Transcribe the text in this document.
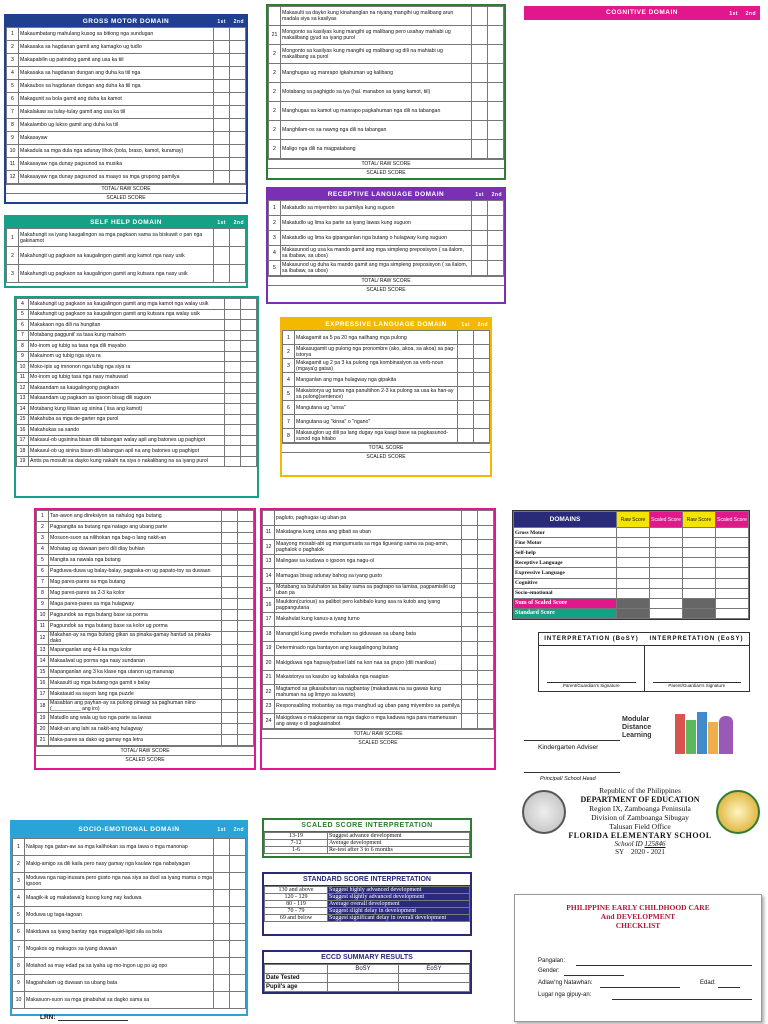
GROSS MOTOR DOMAIN	1st 2nd
1	Makaumbatang mahulang kusog sa bitiong nga sundugan		
2	Makasaka sa hagdanan gamit ang kamagko ug tudlo		
3	Makapabilin ug patindog gamit ang usa ka tiil		
4	Makasaka sa hagdanan dungan ang duha ka tiil nga		
5	Makaubos sa hagdanan dungan ang duha ka tiil nga		
6	Makagunit sa bola gamit ang duha ka kamot		
7	Makalakaw sa tulay-tulay gamit ang usa ka tiil		
8	Makalambo ug lukso gamit ang duha ka tiil		
9	Makasayaw		
10	Makadula sa mga dula nga adunay lihok (bola, braso, kamot, kuramay)		
11	Makasayaw nga dunay pagsunod sa musika		
12	Makasayaw nga dunay pagsunod sa maayo sa mga grupong pamilya		
TOTAL/ RAW SCORE
SCALED SCORE
SELF HELP DOMAIN	1st 2nd
1	Makahungit sa iyang kaugalingon sa mga pagkaon sama sa biskuwit o pan nga gakinamot		
2	Makahungit ug pagkaon sa kaugalingon gamit ang kamot nga nasy usik		
3	Makahungit ug pagkaon sa kaugalingon gamit ang kutsara nga nasy usik		
4	Makahungit ug pagkaon sa kaugalingon gamit ang mga kamot nga walay usik		
5	Makahungit ug pagkaon sa kaugalingon gamit ang kutsara nga walay usik		
6	Makakaon nga dili na hungitan		
7	Motabang pagguniť sa tasa kung mainom		
8	Mo-inom ug tubig sa tasa nga dili mayabo		
9	Makainom ug tubig nga siya ra		
10	Moko-ipis ug imnonon nga tubig nga siya ra		
11	Mo-inom ug tubig tasa nga nasy mahuwad		
12	Makaandam sa kaugalingong pagkaon		
13	Makaandam ug pagkaon sa igsoon bisag dili suguon		
14	Motabang kung iliisan ug sinina ( iisa ang kamot)		
15	Makahuba sa mga de-garter nga purol		
16	Makahukas sa sando		
17	Makasul-ob ugsinina bisan dili tabangan walay apil ang batones ug paghigot		
18	Makasul-ob ug sinina bisan dili tabangan apil na ang batones ug paghigot		
19	Antis pa mosulti sa dayko kung nakahi na siya o nakalibang na sa iyang purol		
	Makasulti sa dayko kung kinahanglan na niyang mangihi ug malibang arun madala siya sa kasilyas		
21	Mongonto sa kasilyas kung mangihi ug malibang pero usahay mahiabi ug makalibang gyud sa iyang purol		
2	Mongonto sa kasilyas kung mangihi ug malibang ug dili na mahiabi ug makalibang sa purol		
2	Manghugas ug manrapo igkahuman ug kalibang		
2	Motabang sa paghigdo sa iya (hal. manabon sa iyang kamot, tiil)		
2	Manghugas sa kamot ug manrapo pagkahuman nga dili na tabangan		
2	Manghilam-os sa nawng nga dili na tabangan		
2	Maligo nga dili na magpatabang		
TOTAL/ RAW SCORE
SCALED SCORE
RECEPTIVE LANGUAGE DOMAIN	1st 2nd
1	Makatudlo sa miyembro sa pamilya kung suguon		
2	Makatudlo ug lima ka parte sa iyang lawas kung suguon		
3	Makatudlo ug lima ka gipanganlan nga butang o hulagway kung suguon		
4	Makasunod ug usa ka mando gamit ang mga simpleng preposisyon ( sa ilalom, sa ibabaw, sa ubos)		
5	Makasunod ug duha ka mando gamit ang mga simpleng preposisyon ( sa ilalom, sa ibabaw, sa ubos)		
TOTAL/ RAW SCORE
SCALED SCORE
COGNITIVE DOMAIN	1st 2nd
EXPRESSIVE LANGUAGE DOMAIN	1st 2nd
1	Makagamit sa 5 pa 20 nga nailhang mga pulong		
2	Makasugamit ug pulong nga pronombre (ako, akoa, sa akoa) sa pag-istorya		
3	Makagamit ug 2 pa 3 ka pulong nga kombinasiyon sa verb-noun (mgaya'g gatas)		
4	Manganlan ang mga hulagway nga gipakita		
5	Makaistorya ug tama nga panultihon 2-3 ka pulong sa usa ka han-ay sa pulong(sentence)		
6	Mangutana ug "unsa"		
7	Mangutana ug "kinsa" o "ngano"		
8	Makasuglon ug dili pa lang dugay nga kaagi base sa pagkasunod-sunod nga hitabo		
TOTAL SCORE
SCALED SCORE
1	Tan-awon ang direksiyon sa nahulog nga butang		
2	Pagpangita sa butang nga natago ang ubang parte		
3	Mosuon-suon sa nilihokan nga bag-o lang nakit-an		
4	Mohatag ug duwaan pero dili diay buhian		
5	Mangita sa nawala nga butang		
6	Pagduwa-duwa ug balay-balay, pagpaka-on ug papato-toy sa duwaan		
7	Mag pares-pares sa mga butang		
8	Mag pares-pares sa 2-3 ka kolor		
9	Maga pares-pares sa mga hulagway		
10	Pagpundok sa mga butang base sa porma		
11	Pagpundok sa mga butang base sa kolor ug porma		
12	Makahan-ay sa mga butang gikan sa pinaka-gamay hantud sa pinaka-dako		
13	Mapanganlan ang 4-6 ka mga kolor		
14	Makaalwat ug porma nga nasy sundanan		
15	Mapanganlan ang 3 ka klase nga utanon ug manunap		
16	Makasulti ug mga butang nga gamit s balay		
17	Makatauid sa sayon lang nga puzzle		
18	Masabtan ang payhan-ay sa pulong pinasgi sa paghuman niino (__________ ang iro)		
19	Matudlo ang wala ug tuo nga parte sa lawas		
20	Makit-an ang lahi sa nakit-ang hulagway		
21	Maka-pares sa dako ug gamay nga letra		
TOTAL/ RAW SCORE
SCALED SCORE
	pagluto, paghugas ug uban pa		
11	Makatagna kung unsa ang gibati sa uban		
12	Maayong mosabi-abi ug mangumusta sa mga tigueang sama sa pag-amin, paghalok o paghalok		
13	Malingaw sa kaduwa o igsoon nga nagu-ol		
14	Mamugas bisag adunay bahog sa iyang gusto		
15	Motabang sa buluhaton sa balay sama sa pagtrapo sa lamisa, pagpamisikt ug uban pa		
16	Maukiton(curious) sa palibot pero kahibalo kung asa ra kutob ang iyang pagpangutana		
17	Makahulat kung kanus-a iyang turno		
18	Manangid kung pwede mohulam sa giduwaan sa ubang bata		
19	Determinado nga bantayon ang kaugalingong butang		
20	Makigduwa nga hapsay/patsel labi na kon naa sa grupo (dili manikas)		
21	Makaistorya sa kasubo ug kabalaka nga naagian		
22	Magtamod sa gikasabutan sa nagbantay (makaduwa na sa gawas kung mahuman na ug limpyo sa kwarto)		
23	Responsabling mobantay sa mga manghud ug uban pang miyembro sa pamilya		
24	Makigduwa o makaoperar sa mga dagko o mga kaduwa nga para mamenusan ang away o di pagkasinabot		
TOTAL/ RAW SCORE
SCALED SCORE
DOMAINS	Raw Score	Scaled Score	Raw Score	Scaled Score
Gross Motor				
Fine Motor				
Self-help				
Receptive Language				
Expressive Language				
Cognitive				
Socio-emotional				
Sum of Scaled Score				
Standard Score				
INTERPRETATION (BoSY)	INTERPRETATION (EoSY)
Parent/Guardian's Signature	Parent/Guardian's Signature
Modular Distance Learning
Kindergarten Adviser
Principal/ School Head
SOCIO-EMOTIONAL DOMAIN	1st 2nd
1	Nalipay nga gatan-aw sa mga kalihokan sa mga tawa o mga manonap		
2	Makig-amigo sa dili kaila pero nasy gamay nga kaulaw nga nabatyagan		
3	Moduwa nga nag-inusara pero gusto nga naa siya sa duol sa iyang mama o mga igsoon		
4	Maagik-ik ug makatawa'g kusog kung nay kaduwa		
5	Moduwa ug taga-tagoan		
6	Makiduwa sa iyang bantay nga magpaligid-ligid sila sa bola		
7	Mogakos og makugos sa iyang duwaan		
8	Motahod sa may edad pa sa iyaha ug mo-ingon ug po ug opo		
9	Magpahulam ug duwaan sa ubang bata		
10	Makasuon-suon sa mga ginabuhat sa dagko sama sa		
LRN:
SCALED SCORE INTERPRETATION
13-19	Suggest advance development
7-12	Average development
1-6	Re-test after 3 to 6 months
STANDARD SCORE INTERPRETATION
130 and above	Suggest highly advanced development
120 - 129	Suggest slightly advanced development
80 - 119	Average overall development
70 - 79	Suggest slight delay in development
69 and below	Suggest significant delay in overall development
ECCD SUMMARY RESULTS
	BoSY	EoSY
Date Tested		
Pupil's age		
Republic of the Philippines
DEPARTMENT OF EDUCATION
Region IX, Zamboanga Peninsula
Division of Zamboanga Sibugay
Talusan Field Office
FLORIDA ELEMENTARY SCHOOL
School ID 125846
SY 2020 - 2021
PHILIPPINE EARLY CHILDHOOD CARE
And DEVELOPMENT
CHECKLIST
Pangalan:
Gender:
Adlaw'ng Natawhan:	Edad:
Lugar nga gipuy-an:
